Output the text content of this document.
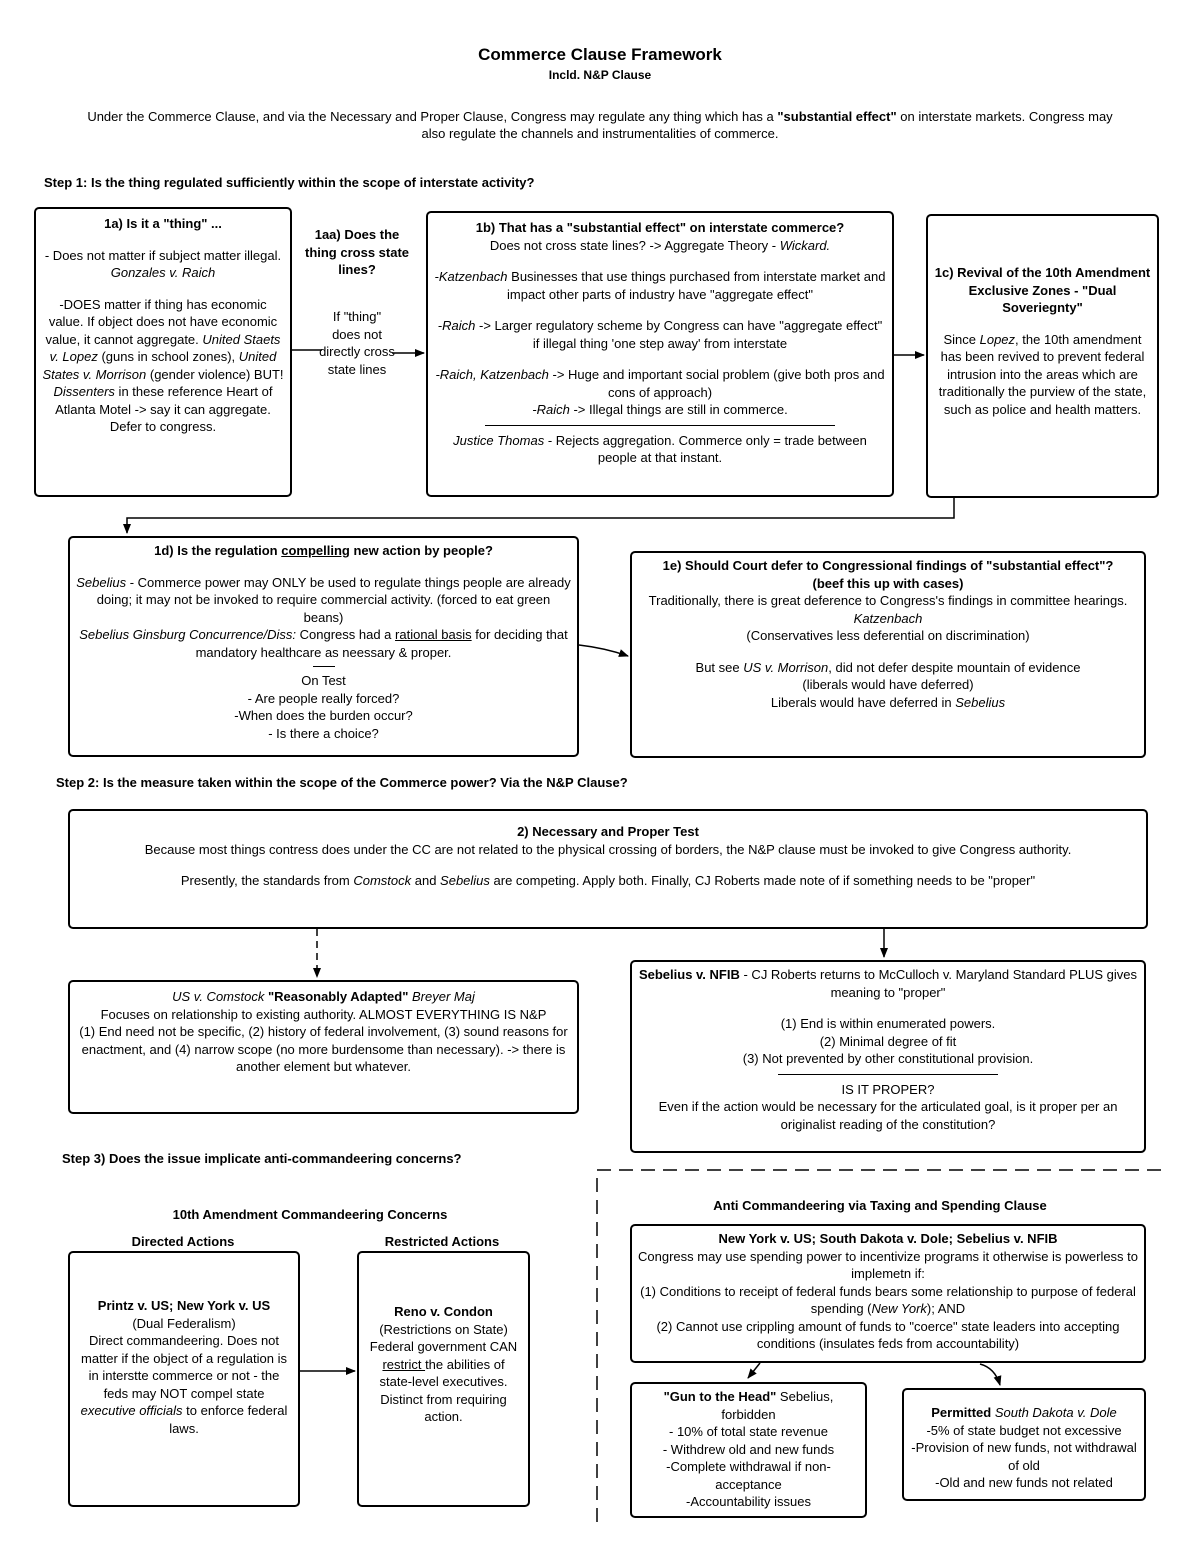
Commerce Clause Framework
Incld. N&P Clause
Under the Commerce Clause, and via the Necessary and Proper Clause, Congress may regulate any thing which has a "substantial effect" on interstate markets. Congress may also regulate the channels and instrumentalities of commerce.
Step 1: Is the thing regulated sufficiently within the scope of interstate activity?

1a) Is it a "thing" ...

- Does not matter if subject matter illegal. Gonzales v. Raich

-DOES matter if thing has economic value. If object does not have economic value, it cannot aggregate. United Staets v. Lopez (guns in school zones), United States v. Morrison (gender violence) BUT! Dissenters in these reference Heart of Atlanta Motel -> say it can aggregate. Defer to congress.

1aa) Does the thing cross state lines?
If "thing" does not directly cross state lines

1b) That has a "substantial effect" on interstate commerce?

Does not cross state lines? -> Aggregate Theory - Wickard.

-Katzenbach Businesses that use things purchased from interstate market and impact other parts of industry have "aggregate effect"

-Raich -> Larger regulatory scheme by Congress can have "aggregate effect" if illegal thing 'one step away' from interstate

-Raich, Katzenbach -> Huge and important social problem (give both pros and cons of approach)

-Raich -> Illegal things are still in commerce.

Justice Thomas - Rejects aggregation. Commerce only = trade between people at that instant.

1c) Revival of the 10th Amendment Exclusive Zones - "Dual Soveriegnty"

Since Lopez, the 10th amendment has been revived to prevent federal intrusion into the areas which are traditionally the purview of the state, such as police and health matters.

1d) Is the regulation compelling new action by people?

Sebelius - Commerce power may ONLY be used to regulate things people are already doing; it may not be invoked to require commercial activity. (forced to eat green beans)

Sebelius Ginsburg Concurrence/Diss: Congress had a rational basis for deciding that mandatory healthcare as neessary & proper.

On Test

- Are people really forced?

-When does the burden occur?

- Is there a choice?

1e) Should Court defer to Congressional findings of "substantial effect"?

(beef this up with cases)

Traditionally, there is great deference to Congress's findings in committee hearings.

Katzenbach

(Conservatives less deferential on discrimination)

But see US v. Morrison, did not defer despite mountain of evidence

(liberals would have deferred)

Liberals would have deferred in Sebelius

Step 2: Is the measure taken within the scope of the Commerce power? Via the N&P Clause?

2) Necessary and Proper Test

Because most things contress does under the CC are not related to the physical crossing of borders, the N&P clause must be invoked to give Congress authority.

Presently, the standards from Comstock and Sebelius are competing. Apply both. Finally, CJ Roberts made note of if something needs to be "proper"

US v. Comstock "Reasonably Adapted" Breyer Maj

Focuses on relationship to existing authority. ALMOST EVERYTHING IS N&P

(1) End need not be specific, (2) history of federal involvement, (3) sound reasons for enactment, and (4) narrow scope (no more burdensome than necessary). -> there is another element but whatever.

Sebelius v. NFIB - CJ Roberts returns to McCulloch v. Maryland Standard PLUS gives meaning to "proper"

(1) End is within enumerated powers.

(2) Minimal degree of fit

(3) Not prevented by other constitutional provision.

IS IT PROPER?

Even if the action would be necessary for the articulated goal, is it proper per an originalist reading of the constitution?

Step 3) Does the issue implicate anti-commandeering concerns?
10th Amendment Commandeering Concerns
Directed Actions	Restricted Actions

Printz v. US; New York v. US

(Dual Federalism)

Direct commandeering. Does not matter if the object of a regulation is in interstte commerce or not - the feds may NOT compel state executive officials to enforce federal laws.

Reno v. Condon

(Restrictions on State)

Federal government CAN restrict the abilities of state-level executives. Distinct from requiring action.

Anti Commandeering via Taxing and Spending Clause

New York v. US; South Dakota v. Dole; Sebelius v. NFIB

Congress may use spending power to incentivize programs it otherwise is powerless to implemetn if:

(1) Conditions to receipt of federal funds bears some relationship to purpose of federal spending (New York); AND

(2) Cannot use crippling amount of funds to "coerce" state leaders into accepting conditions (insulates feds from accountability)

"Gun to the Head" Sebelius, forbidden

- 10% of total state revenue

- Withdrew old and new funds

-Complete withdrawal if non-acceptance

-Accountability issues

Permitted South Dakota v. Dole

-5% of state budget not excessive

-Provision of new funds, not withdrawal of old

-Old and new funds not related
